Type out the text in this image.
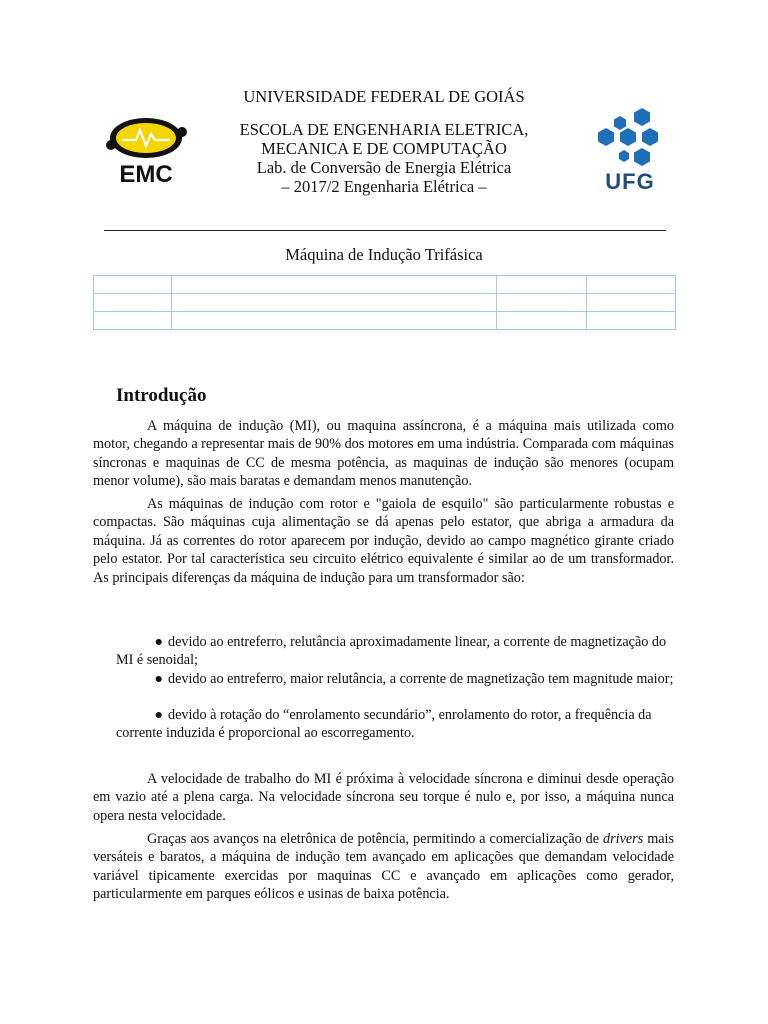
UNIVERSIDADE FEDERAL DE GOIÁS
ESCOLA DE ENGENHARIA ELETRICA,
MECANICA E DE COMPUTAÇÃO
Lab. de Conversão de Energia Elétrica
– 2017/2 Engenharia Elétrica –
EMC	UFG
Máquina de Indução Trifásica

Introdução
A máquina de indução (MI), ou maquina assíncrona, é a máquina mais utilizada como motor, chegando a representar mais de 90% dos motores em uma indústria. Comparada com máquinas síncronas e maquinas de CC de mesma potência, as maquinas de indução são menores (ocupam menor volume), são mais baratas e demandam menos manutenção.
As máquinas de indução com rotor e "gaiola de esquilo" são particularmente robustas e compactas. São máquinas cuja alimentação se dá apenas pelo estator, que abriga a armadura da máquina. Já as correntes do rotor aparecem por indução, devido ao campo magnético girante criado pelo estator. Por tal característica seu circuito elétrico equivalente é similar ao de um transformador. As principais diferenças da máquina de indução para um transformador são:
● devido ao entreferro, relutância aproximadamente linear, a corrente de magnetização do MI é senoidal;
● devido ao entreferro, maior relutância, a corrente de magnetização tem magnitude maior;
● devido à rotação do “enrolamento secundário”, enrolamento do rotor, a frequência da corrente induzida é proporcional ao escorregamento.
A velocidade de trabalho do MI é próxima à velocidade síncrona e diminui desde operação em vazio até a plena carga. Na velocidade síncrona seu torque é nulo e, por isso, a máquina nunca opera nesta velocidade.
Graças aos avanços na eletrônica de potência, permitindo a comercialização de drivers mais versáteis e baratos, a máquina de indução tem avançado em aplicações que demandam velocidade variável tipicamente exercidas por maquinas CC e avançado em aplicações como gerador, particularmente em parques eólicos e usinas de baixa potência.
